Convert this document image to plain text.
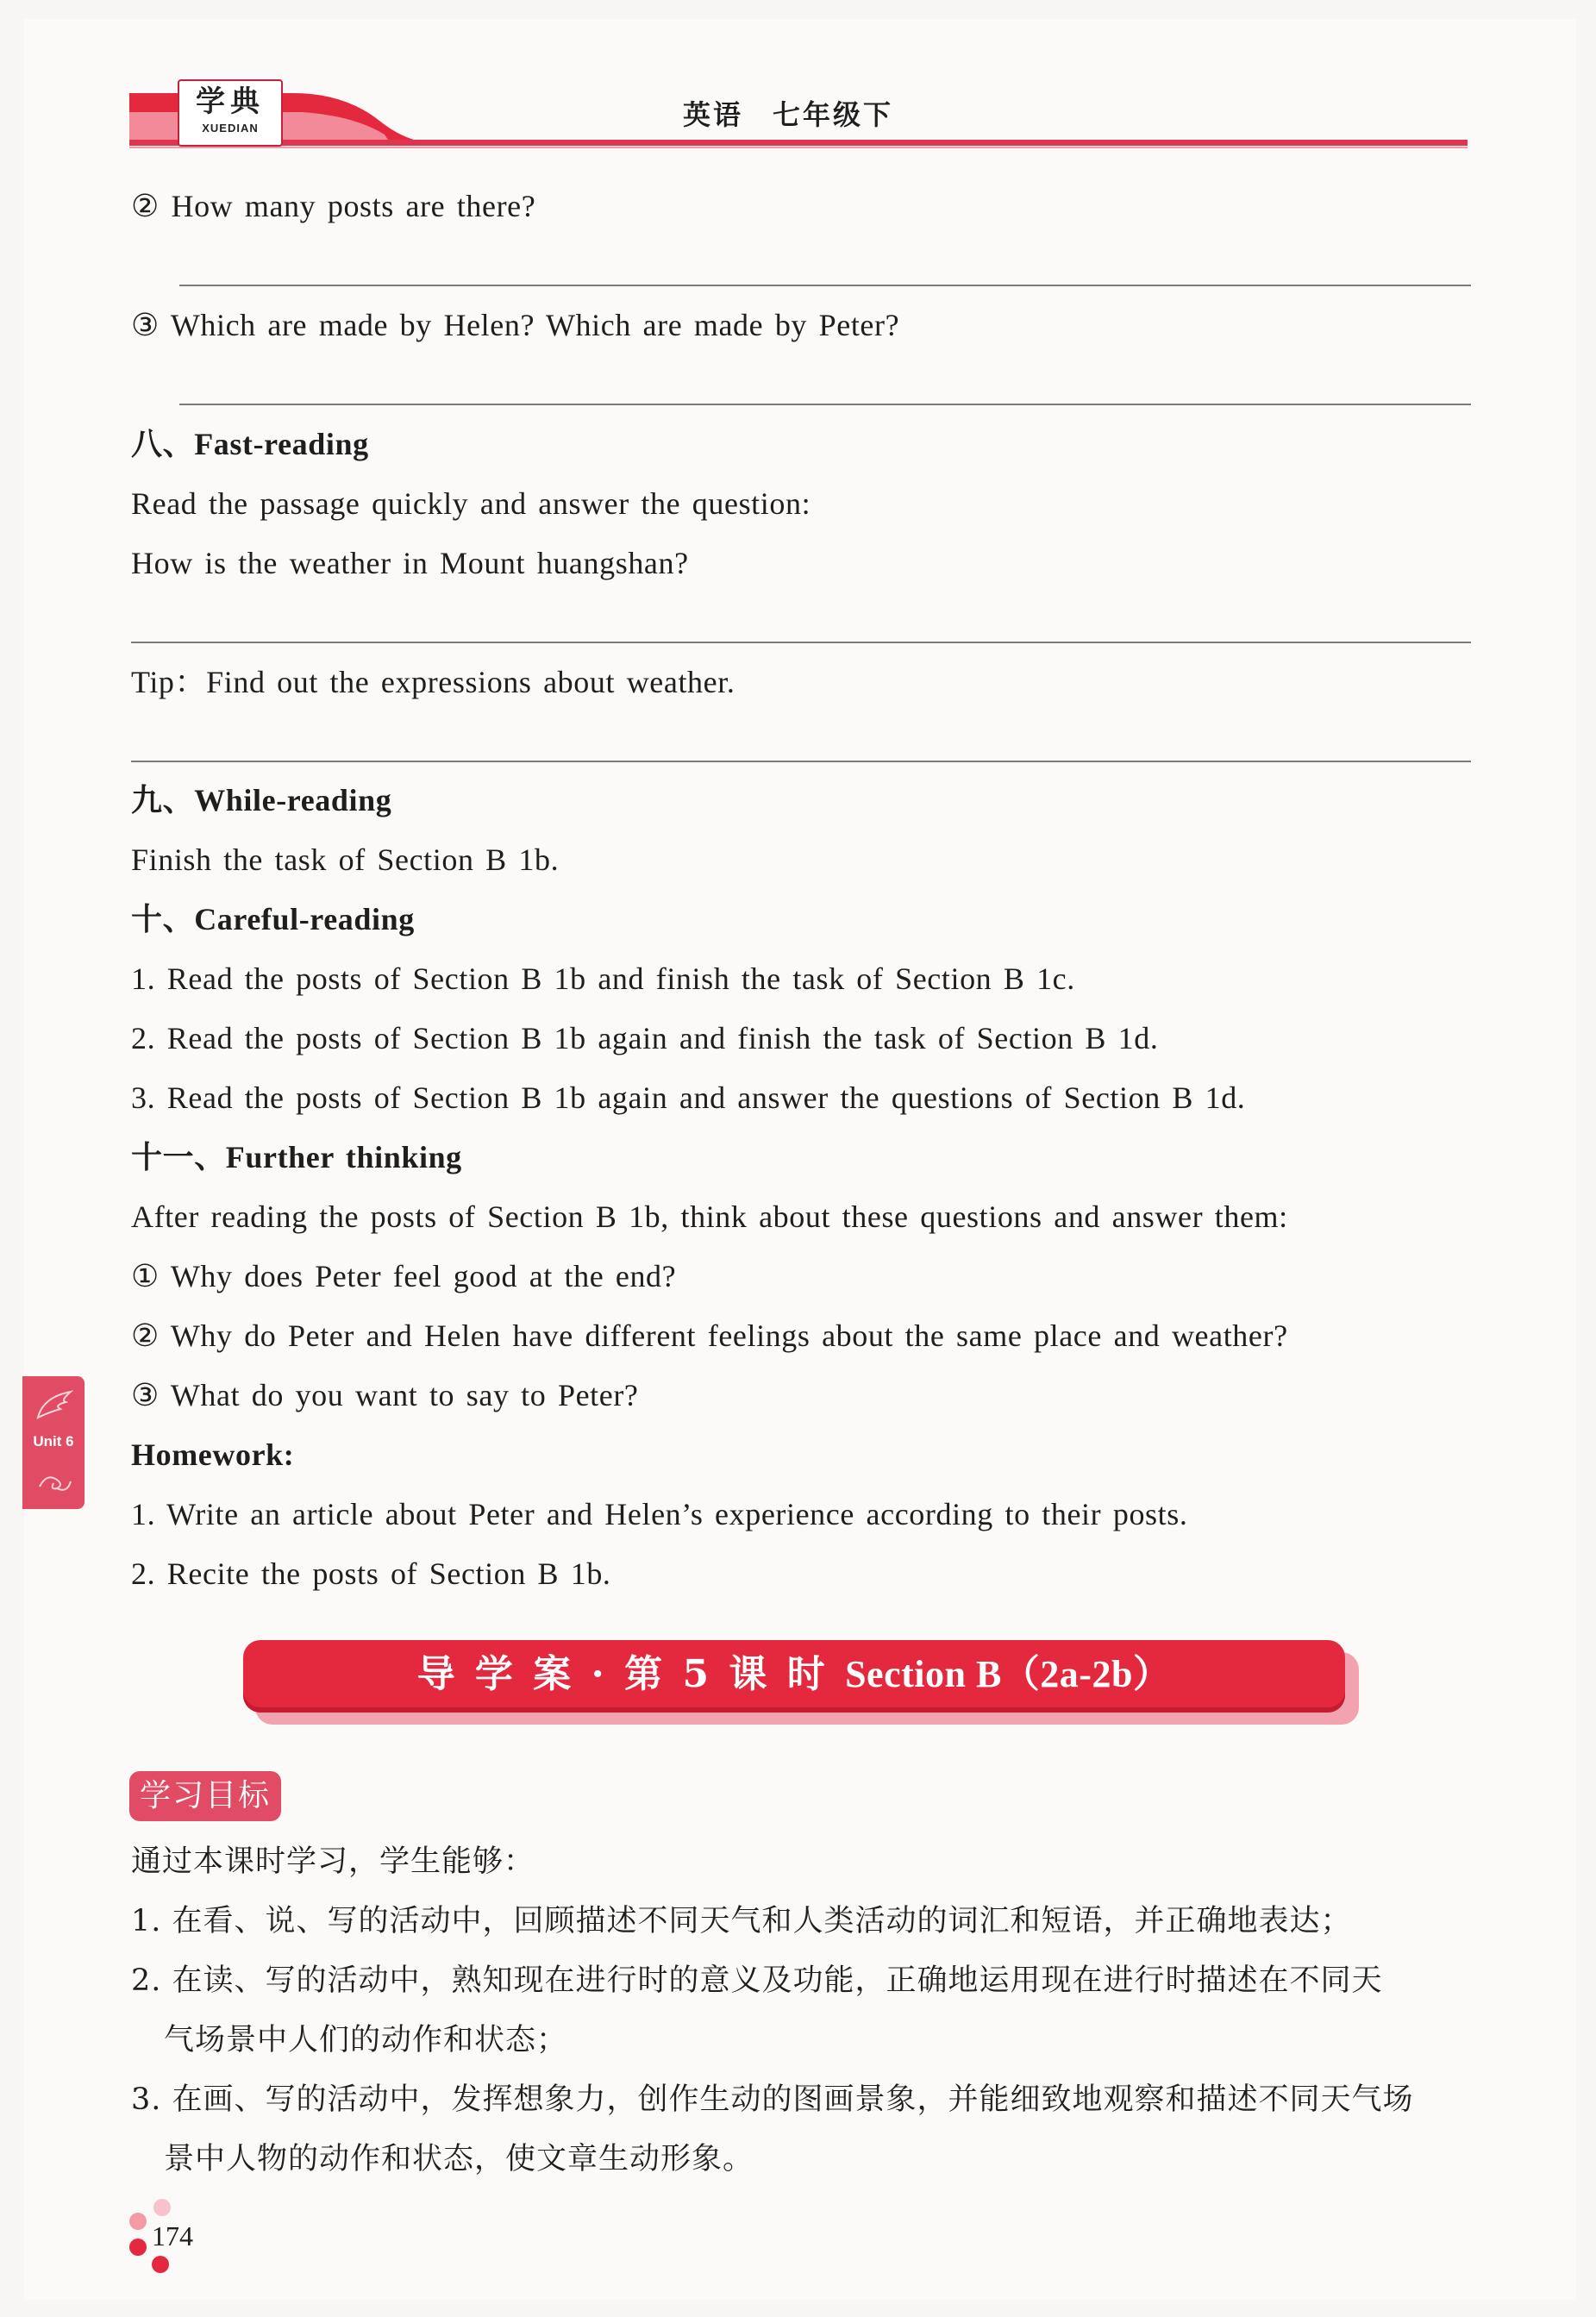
学典
XUEDIAN	英语 七年级下
② How many posts are there?
③ Which are made by Helen? Which are made by Peter?
八、Fast-reading
Read the passage quickly and answer the question:
How is the weather in Mount huangshan?
Tip：Find out the expressions about weather.
九、While-reading
Finish the task of Section B 1b.
十、Careful-reading
1. Read the posts of Section B 1b and finish the task of Section B 1c.
2. Read the posts of Section B 1b again and finish the task of Section B 1d.
3. Read the posts of Section B 1b again and answer the questions of Section B 1d.
十一、Further thinking
After reading the posts of Section B 1b, think about these questions and answer them:
① Why does Peter feel good at the end?
② Why do Peter and Helen have different feelings about the same place and weather?
③ What do you want to say to Peter?
Homework:
1. Write an article about Peter and Helen’s experience according to their posts.
2. Recite the posts of Section B 1b.
Unit 6
导 学 案 · 第 5 课 时 Section B（2a-2b）
学习目标
通过本课时学习，学生能够：
1. 在看、说、写的活动中，回顾描述不同天气和人类活动的词汇和短语，并正确地表达；
2. 在读、写的活动中，熟知现在进行时的意义及功能，正确地运用现在进行时描述在不同天
气场景中人们的动作和状态；
3. 在画、写的活动中，发挥想象力，创作生动的图画景象，并能细致地观察和描述不同天气场
景中人物的动作和状态，使文章生动形象。
174
